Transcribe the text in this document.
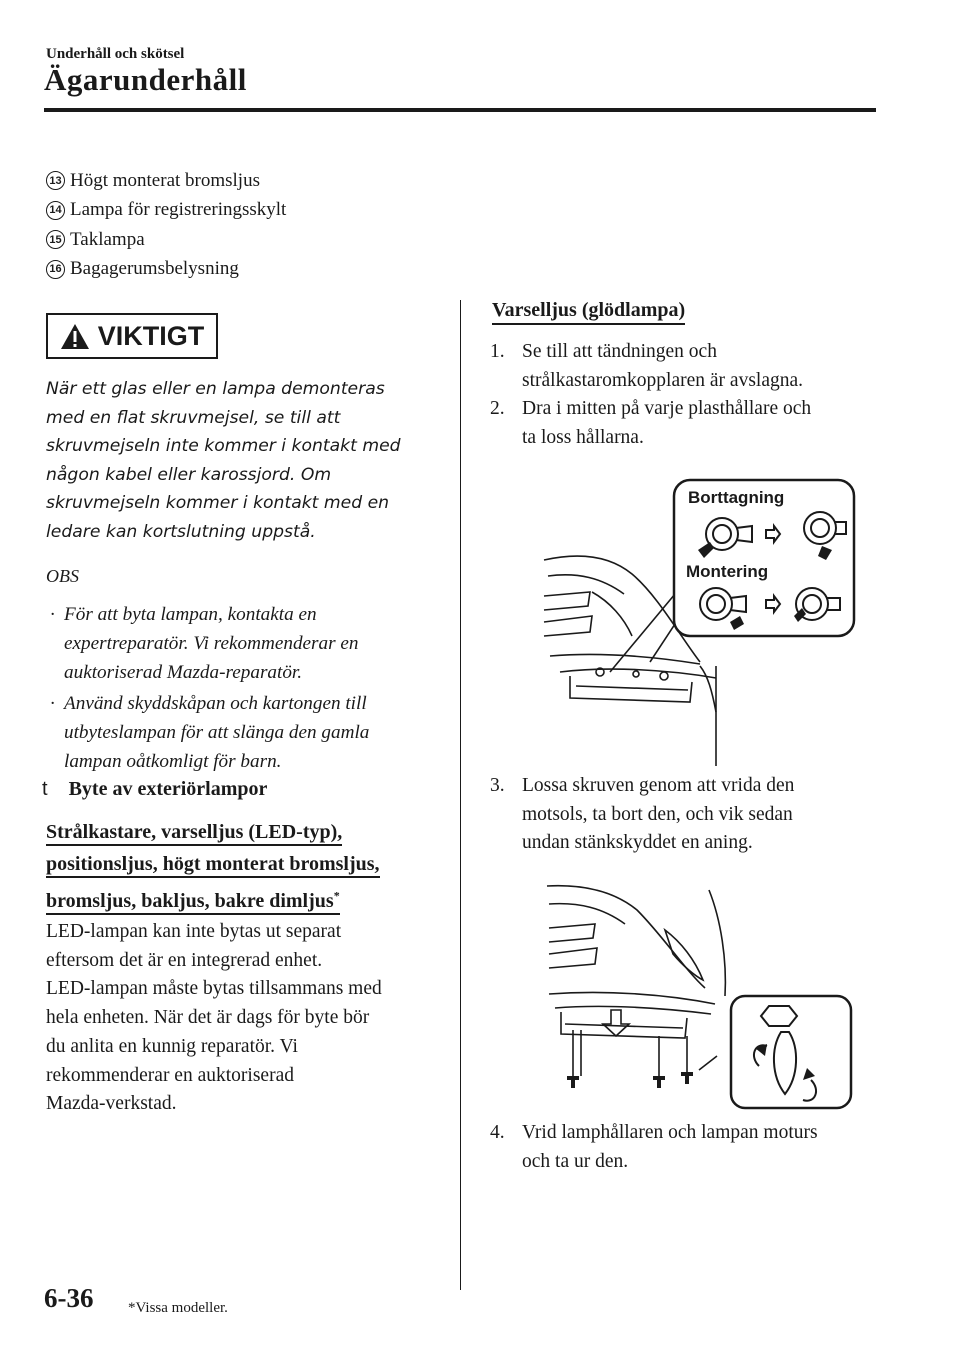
Underhåll och skötsel
Ägarunderhåll
13 Högt monterat bromsljus
14 Lampa för registreringsskylt
15 Taklampa
16 Bagagerumsbelysning
VIKTIGT
När ett glas eller en lampa demonteras
med en flat skruvmejsel, se till att
skruvmejseln inte kommer i kontakt med
någon kabel eller karossjord. Om
skruvmejseln kommer i kontakt med en
ledare kan kortslutning uppstå.
OBS
· För att byta lampan, kontakta en
expertreparatör. Vi rekommenderar en
auktoriserad Mazda-reparatör.
· Använd skyddskåpan och kartongen till
utbyteslampan för att slänga den gamla
lampan oåtkomligt för barn.
t Byte av exteriörlampor
Strålkastare, varselljus (LED-typ),
positionsljus, högt monterat bromsljus,
bromsljus, bakljus, bakre dimljus*
LED-lampan kan inte bytas ut separat
eftersom det är en integrerad enhet.
LED-lampan måste bytas tillsammans med
hela enheten. När det är dags för byte bör
du anlita en kunnig reparatör. Vi
rekommenderar en auktoriserad
Mazda-verkstad.
Varselljus (glödlampa)
1. Se till att tändningen och
strålkastaromkopplaren är avslagna.
2. Dra i mitten på varje plasthållare och
ta loss hållarna.
Borttagning
Montering
3. Lossa skruven genom att vrida den
motsols, ta bort den, och vik sedan
undan stänkskyddet en aning.
4. Vrid lamphållaren och lampan moturs
och ta ur den.
6-36 *Vissa modeller.
